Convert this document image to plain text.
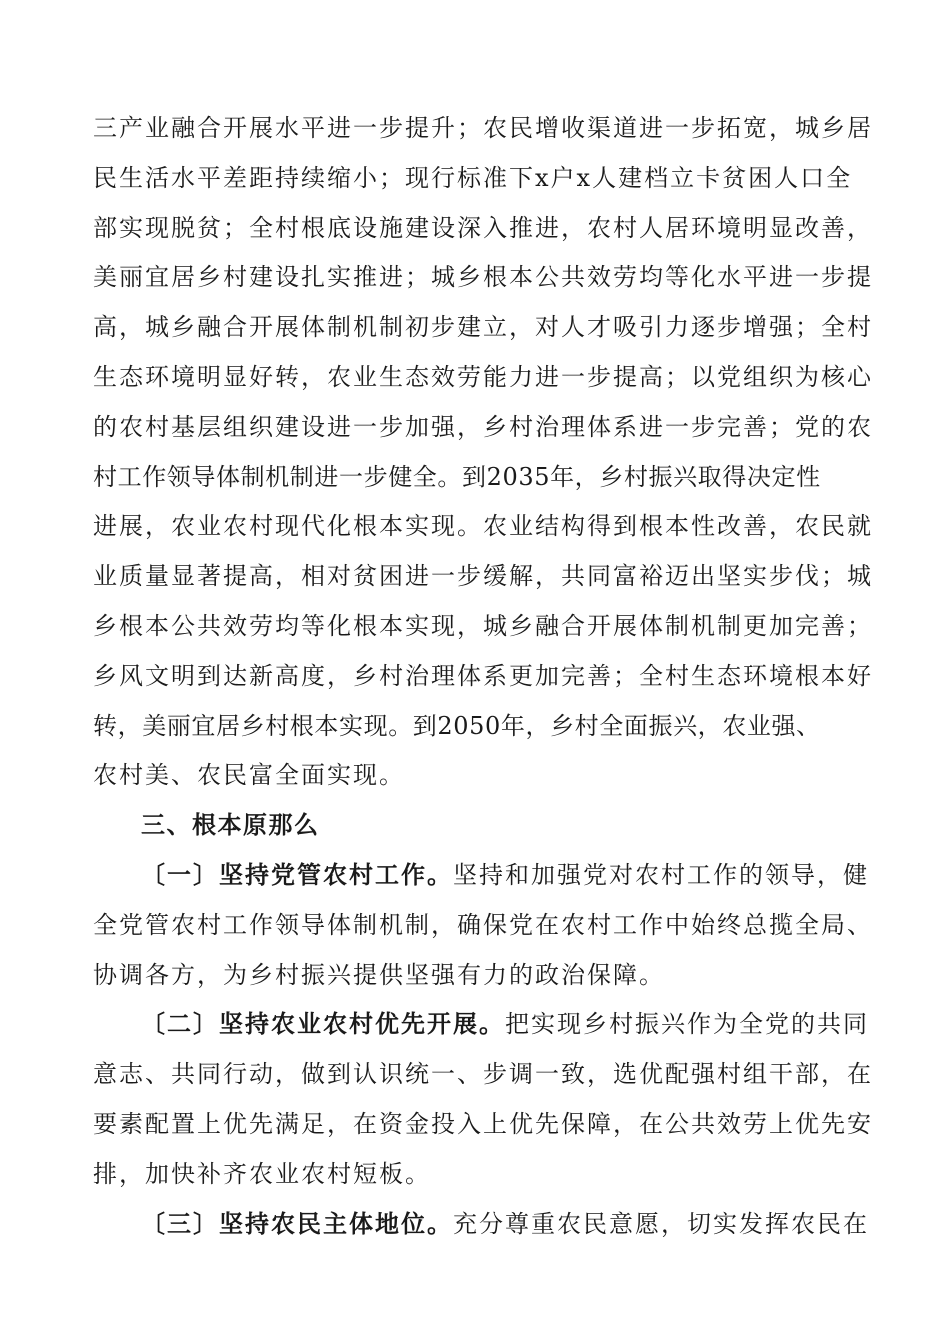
三产业融合开展水平进一步提升；农民增收渠道进一步拓宽，城乡居
民生活水平差距持续缩小；现行标准下x户x人建档立卡贫困人口全
部实现脱贫；全村根底设施建设深入推进，农村人居环境明显改善，
美丽宜居乡村建设扎实推进；城乡根本公共效劳均等化水平进一步提
高，城乡融合开展体制机制初步建立，对人才吸引力逐步增强；全村
生态环境明显好转，农业生态效劳能力进一步提高；以党组织为核心
的农村基层组织建设进一步加强，乡村治理体系进一步完善；党的农
村工作领导体制机制进一步健全。到2035年，乡村振兴取得决定性
进展，农业农村现代化根本实现。农业结构得到根本性改善，农民就
业质量显著提高，相对贫困进一步缓解，共同富裕迈出坚实步伐；城
乡根本公共效劳均等化根本实现，城乡融合开展体制机制更加完善；
乡风文明到达新高度，乡村治理体系更加完善；全村生态环境根本好
转，美丽宜居乡村根本实现。到2050年，乡村全面振兴，农业强、
农村美、农民富全面实现。
三、根本原那么
〔一〕坚持党管农村工作。坚持和加强党对农村工作的领导，健
全党管农村工作领导体制机制，确保党在农村工作中始终总揽全局、
协调各方，为乡村振兴提供坚强有力的政治保障。
〔二〕坚持农业农村优先开展。把实现乡村振兴作为全党的共同
意志、共同行动，做到认识统一、步调一致，选优配强村组干部，在
要素配置上优先满足，在资金投入上优先保障，在公共效劳上优先安
排，加快补齐农业农村短板。
〔三〕坚持农民主体地位。充分尊重农民意愿，切实发挥农民在
